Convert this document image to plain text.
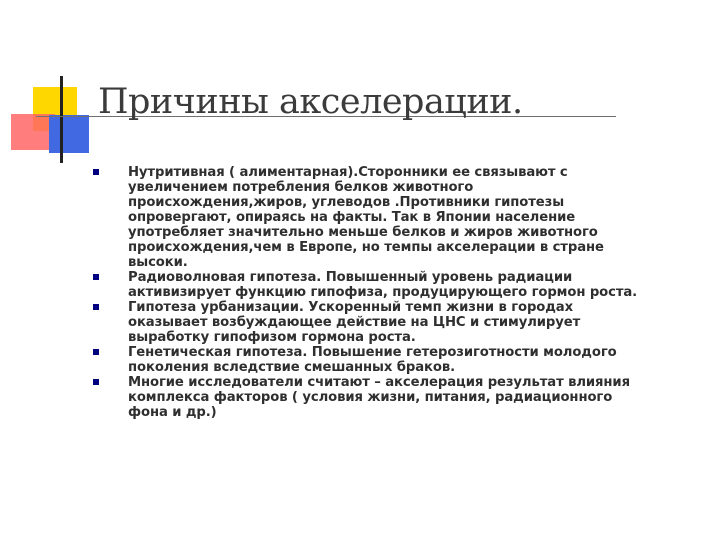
Причины акселерации.
Нутритивная ( алиментарная).Сторонники ее связывают с
увеличением потребления белков животного
происхождения,жиров, углеводов .Противники гипотезы
опровергают, опираясь на факты. Так в Японии население
употребляет значительно меньше белков и жиров животного
происхождения,чем в Европе, но темпы акселерации в стране
высоки.
Радиоволновая гипотеза. Повышенный уровень радиации
активизирует функцию гипофиза, продуцирующего гормон роста.
Гипотеза урбанизации. Ускоренный темп жизни в городах
оказывает возбуждающее действие на ЦНС и стимулирует
выработку гипофизом гормона роста.
Генетическая гипотеза. Повышение гетерозиготности молодого
поколения вследствие смешанных браков.
Многие исследователи считают – акселерация результат влияния
комплекса факторов ( условия жизни, питания, радиационного
фона и др.)
